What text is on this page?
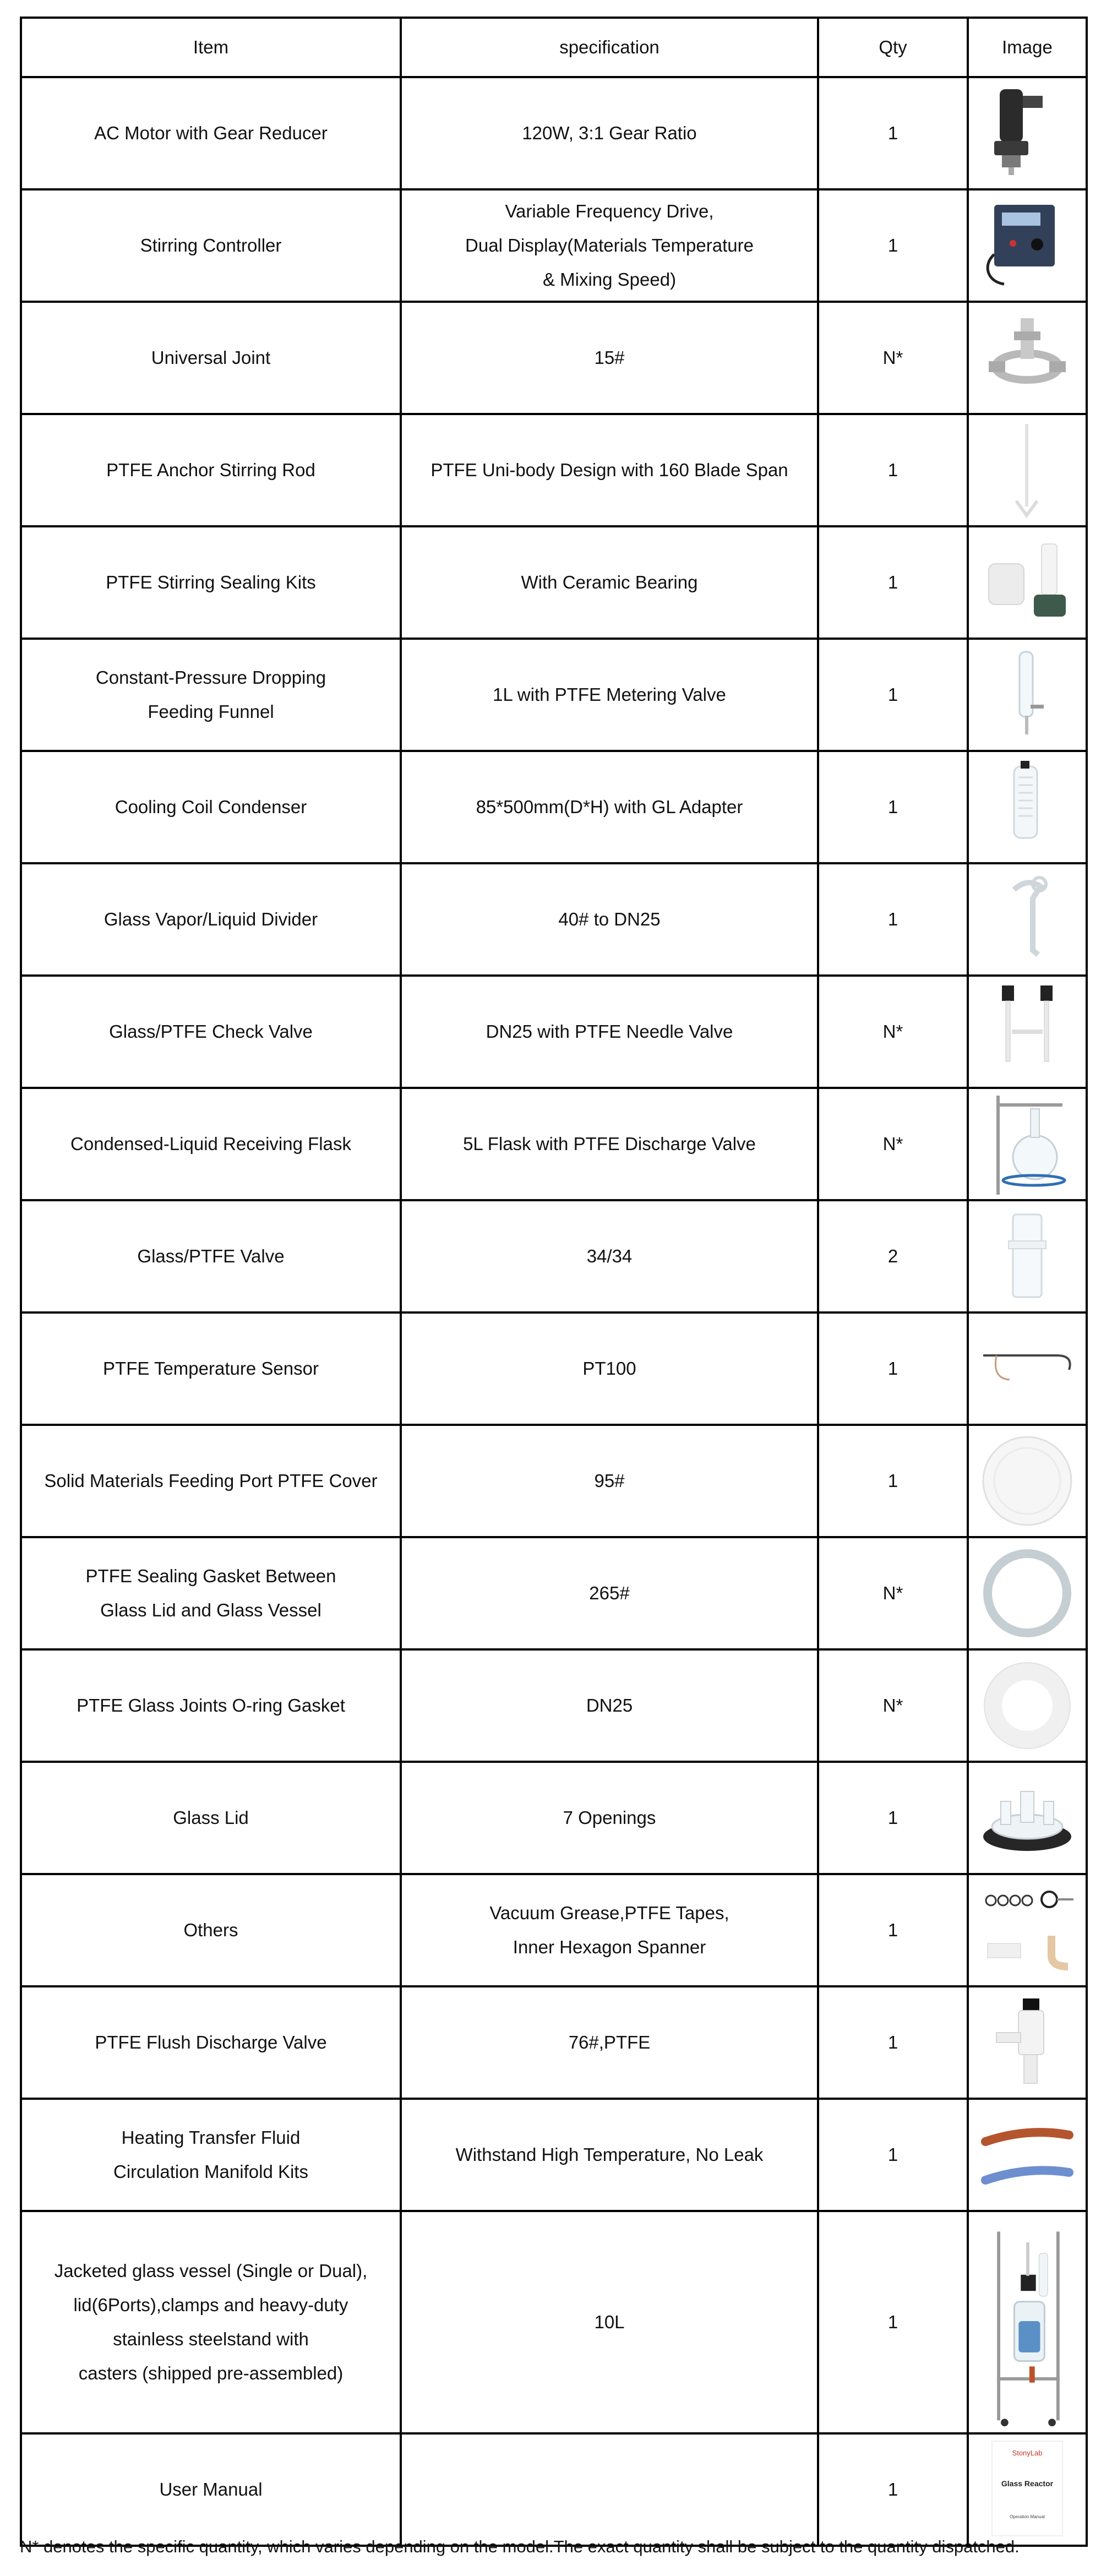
Item	specification	Qty	Image
AC Motor with Gear Reducer	120W, 3:1 Gear Ratio	1	

Stirring Controller	Variable Frequency Drive,
Dual Display(Materials Temperature
& Mixing Speed)	1	

Universal Joint	15#	N*	

PTFE Anchor Stirring Rod	PTFE Uni-body Design with 160 Blade Span	1	

PTFE Stirring Sealing Kits	With Ceramic Bearing	1	

Constant-Pressure Dropping
Feeding Funnel	1L with PTFE Metering Valve	1	

Cooling Coil Condenser	85*500mm(D*H) with GL Adapter	1	

Glass Vapor/Liquid Divider	40# to DN25	1	

Glass/PTFE Check Valve	DN25 with PTFE Needle Valve	N*	

Condensed-Liquid Receiving Flask	5L Flask with PTFE Discharge Valve	N*	

Glass/PTFE Valve	34/34	2	

PTFE Temperature Sensor	PT100	1	

Solid Materials Feeding Port PTFE Cover	95#	1	

PTFE Sealing Gasket Between
Glass Lid and Glass Vessel	265#	N*	

PTFE Glass Joints O-ring Gasket	DN25	N*	

Glass Lid	7 Openings	1	

Others	Vacuum Grease,PTFE Tapes,
Inner Hexagon Spanner	1	

PTFE Flush Discharge Valve	76#,PTFE	1	

Heating Transfer Fluid
Circulation Manifold Kits	Withstand High Temperature, No Leak	1	

Jacketed glass vessel (Single or Dual),
lid(6Ports),clamps and heavy-duty
stainless steelstand with
casters (shipped pre-assembled)	10L	1	

User Manual		1	StonyLab
Glass Reactor
Operation Manual
N* denotes the specific quantity, which varies depending on the model.The exact quantity shall be subject to the quantity dispatched.
